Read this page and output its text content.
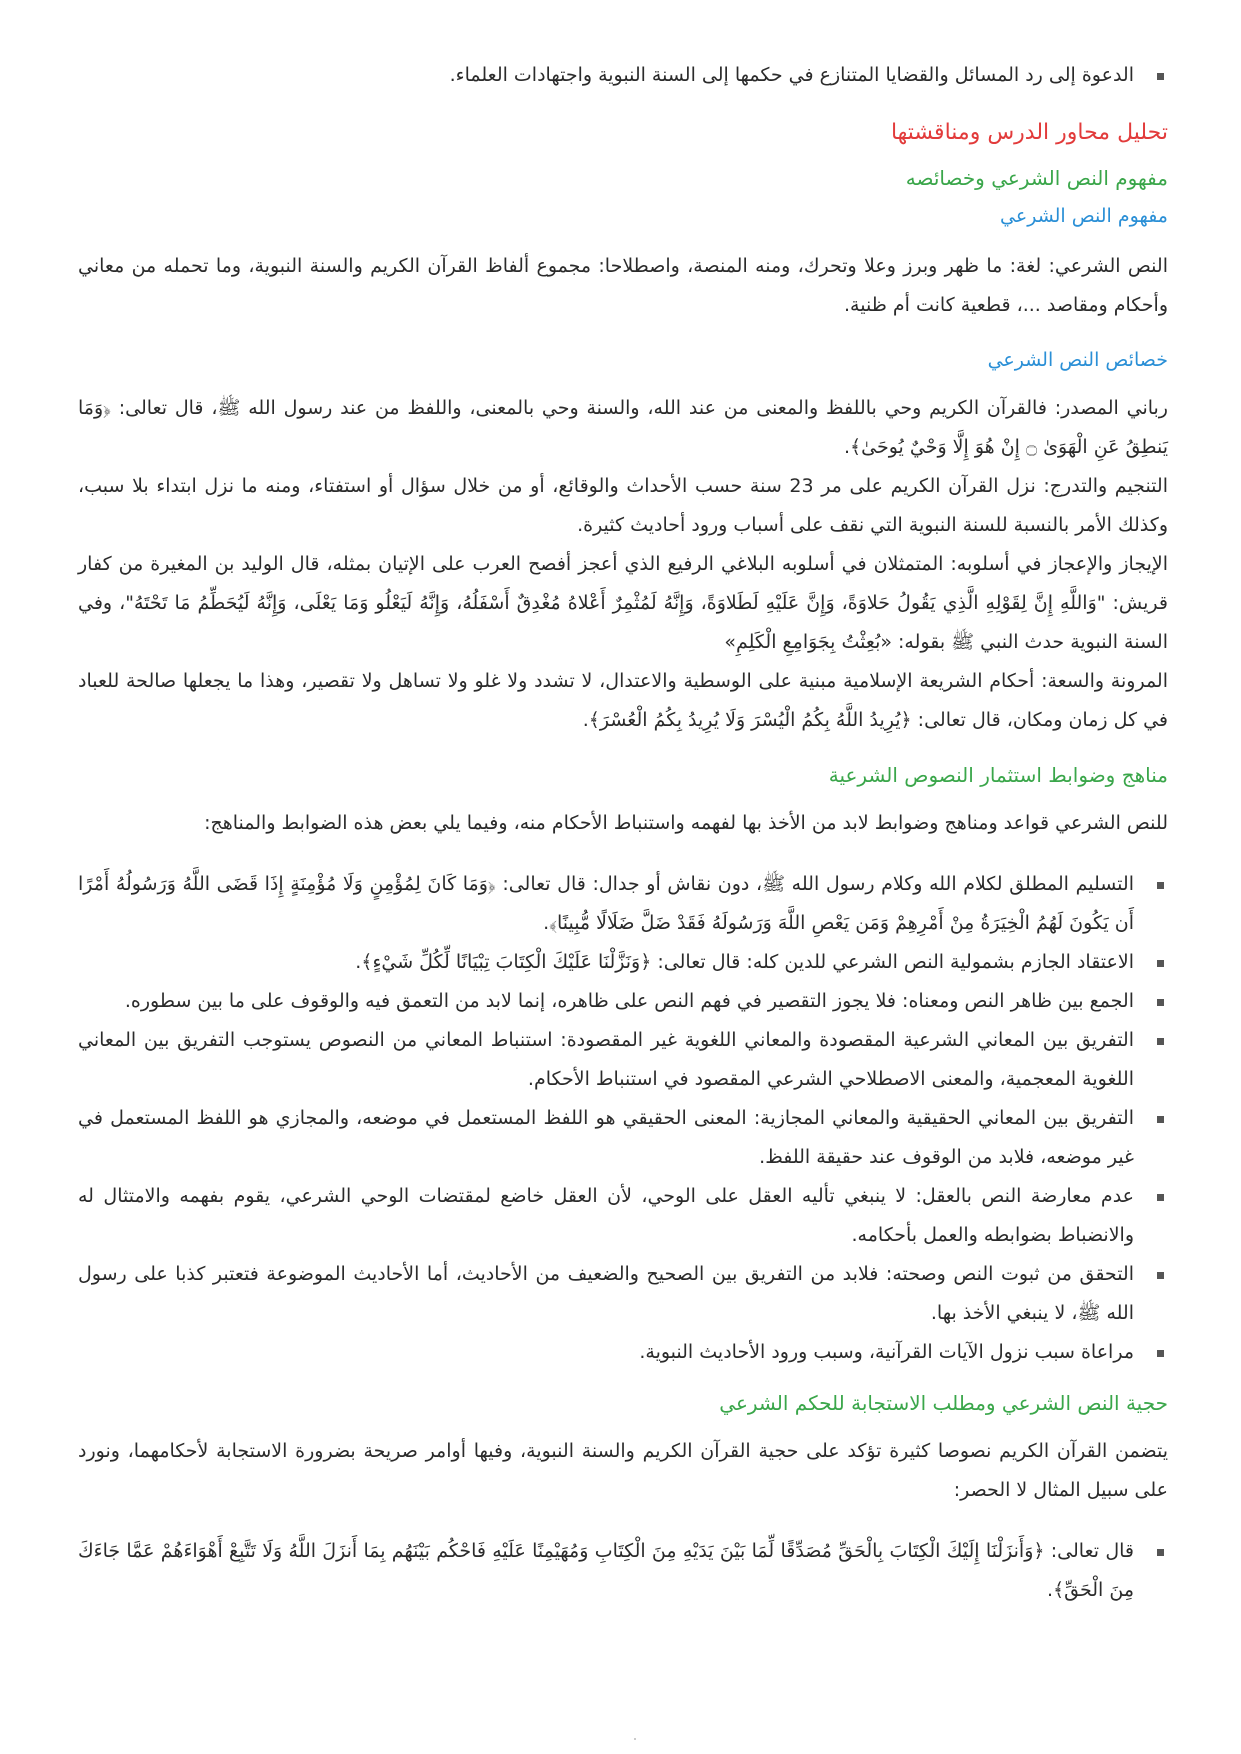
الدعوة إلى رد المسائل والقضايا المتنازع في حكمها إلى السنة النبوية واجتهادات العلماء.
تحليل محاور الدرس ومناقشتها
مفهوم النص الشرعي وخصائصه
مفهوم النص الشرعي

النص الشرعي: لغة: ما ظهر وبرز وعلا وتحرك، ومنه المنصة، واصطلاحا: مجموع ألفاظ القرآن الكريم والسنة النبوية، وما تحمله من معاني وأحكام ومقاصد ...، قطعية كانت أم ظنية.

خصائص النص الشرعي

رباني المصدر: فالقرآن الكريم وحي باللفظ والمعنى من عند الله، والسنة وحي بالمعنى، واللفظ من عند رسول الله ﷺ، قال تعالى: ﴿وَمَا يَنطِقُ عَنِ الْهَوَىٰ ۝ إِنْ هُوَ إِلَّا وَحْيٌ يُوحَىٰ﴾.

التنجيم والتدرج: نزل القرآن الكريم على مر 23 سنة حسب الأحداث والوقائع، أو من خلال سؤال أو استفتاء، ومنه ما نزل ابتداء بلا سبب، وكذلك الأمر بالنسبة للسنة النبوية التي نقف على أسباب ورود أحاديث كثيرة.

الإيجاز والإعجاز في أسلوبه: المتمثلان في أسلوبه البلاغي الرفيع الذي أعجز أفصح العرب على الإتيان بمثله، قال الوليد بن المغيرة من كفار قريش: "وَاللَّهِ إِنَّ لِقَوْلِهِ الَّذِي يَقُولُ حَلاوَةً، وَإِنَّ عَلَيْهِ لَطَلاوَةً، وَإِنَّهُ لَمُثْمِرٌ أَعْلاهُ مُغْدِقٌ أَسْفَلُهُ، وَإِنَّهُ لَيَعْلُو وَمَا يَعْلَى، وَإِنَّهُ لَيُحَطِّمُ مَا تَحْتَهُ"، وفي السنة النبوية حدث النبي ﷺ بقوله: «بُعِثْتُ بِجَوَامِعِ الْكَلِمِ»

المرونة والسعة: أحكام الشريعة الإسلامية مبنية على الوسطية والاعتدال، لا تشدد ولا غلو ولا تساهل ولا تقصير، وهذا ما يجعلها صالحة للعباد في كل زمان ومكان، قال تعالى: ﴿يُرِيدُ اللَّهُ بِكُمُ الْيُسْرَ وَلَا يُرِيدُ بِكُمُ الْعُسْرَ﴾.

مناهج وضوابط استثمار النصوص الشرعية

للنص الشرعي قواعد ومناهج وضوابط لابد من الأخذ بها لفهمه واستنباط الأحكام منه، وفيما يلي بعض هذه الضوابط والمناهج:

التسليم المطلق لكلام الله وكلام رسول الله ﷺ، دون نقاش أو جدال: قال تعالى: ﴿وَمَا كَانَ لِمُؤْمِنٍ وَلَا مُؤْمِنَةٍ إِذَا قَضَى اللَّهُ وَرَسُولُهُ أَمْرًا أَن يَكُونَ لَهُمُ الْخِيَرَةُ مِنْ أَمْرِهِمْ وَمَن يَعْصِ اللَّهَ وَرَسُولَهُ فَقَدْ ضَلَّ ضَلَالًا مُّبِينًا﴾.
الاعتقاد الجازم بشمولية النص الشرعي للدين كله: قال تعالى: ﴿وَنَزَّلْنَا عَلَيْكَ الْكِتَابَ تِبْيَانًا لِّكُلِّ شَيْءٍ﴾.
الجمع بين ظاهر النص ومعناه: فلا يجوز التقصير في فهم النص على ظاهره، إنما لابد من التعمق فيه والوقوف على ما بين سطوره.
التفريق بين المعاني الشرعية المقصودة والمعاني اللغوية غير المقصودة: استنباط المعاني من النصوص يستوجب التفريق بين المعاني اللغوية المعجمية، والمعنى الاصطلاحي الشرعي المقصود في استنباط الأحكام.
التفريق بين المعاني الحقيقية والمعاني المجازية: المعنى الحقيقي هو اللفظ المستعمل في موضعه، والمجازي هو اللفظ المستعمل في غير موضعه، فلابد من الوقوف عند حقيقة اللفظ.
عدم معارضة النص بالعقل: لا ينبغي تأليه العقل على الوحي، لأن العقل خاضع لمقتضات الوحي الشرعي، يقوم بفهمه والامتثال له والانضباط بضوابطه والعمل بأحكامه.
التحقق من ثبوت النص وصحته: فلابد من التفريق بين الصحيح والضعيف من الأحاديث، أما الأحاديث الموضوعة فتعتبر كذبا على رسول الله ﷺ، لا ينبغي الأخذ بها.
مراعاة سبب نزول الآيات القرآنية، وسبب ورود الأحاديث النبوية.
حجية النص الشرعي ومطلب الاستجابة للحكم الشرعي

يتضمن القرآن الكريم نصوصا كثيرة تؤكد على حجية القرآن الكريم والسنة النبوية، وفيها أوامر صريحة بضرورة الاستجابة لأحكامهما، ونورد على سبيل المثال لا الحصر:

قال تعالى: ﴿وَأَنزَلْنَا إِلَيْكَ الْكِتَابَ بِالْحَقِّ مُصَدِّقًا لِّمَا بَيْنَ يَدَيْهِ مِنَ الْكِتَابِ وَمُهَيْمِنًا عَلَيْهِ فَاحْكُم بَيْنَهُم بِمَا أَنزَلَ اللَّهُ وَلَا تَتَّبِعْ أَهْوَاءَهُمْ عَمَّا جَاءَكَ مِنَ الْحَقِّ﴾.
